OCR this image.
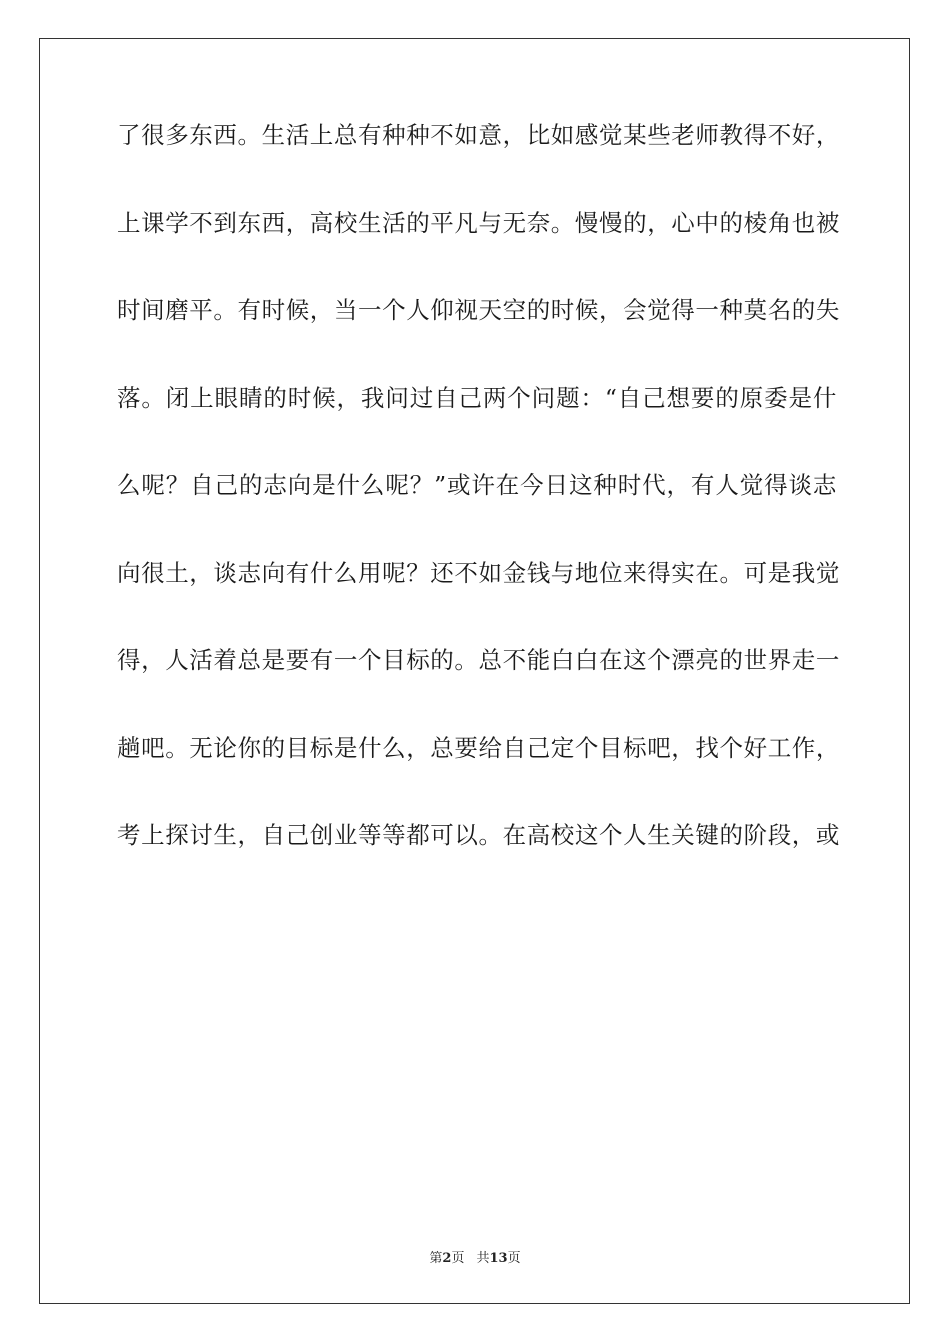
了很多东西。生活上总有种种不如意，比如感觉某些老师教得不好，
上课学不到东西，高校生活的平凡与无奈。慢慢的，心中的棱角也被
时间磨平。有时候，当一个人仰视天空的时候，会觉得一种莫名的失
落。闭上眼睛的时候，我问过自己两个问题：“自己想要的原委是什
么呢？自己的志向是什么呢？”或许在今日这种时代，有人觉得谈志
向很土，谈志向有什么用呢？还不如金钱与地位来得实在。可是我觉
得，人活着总是要有一个目标的。总不能白白在这个漂亮的世界走一
趟吧。无论你的目标是什么，总要给自己定个目标吧，找个好工作，
考上探讨生，自己创业等等都可以。在高校这个人生关键的阶段，或
第2页 共13页
